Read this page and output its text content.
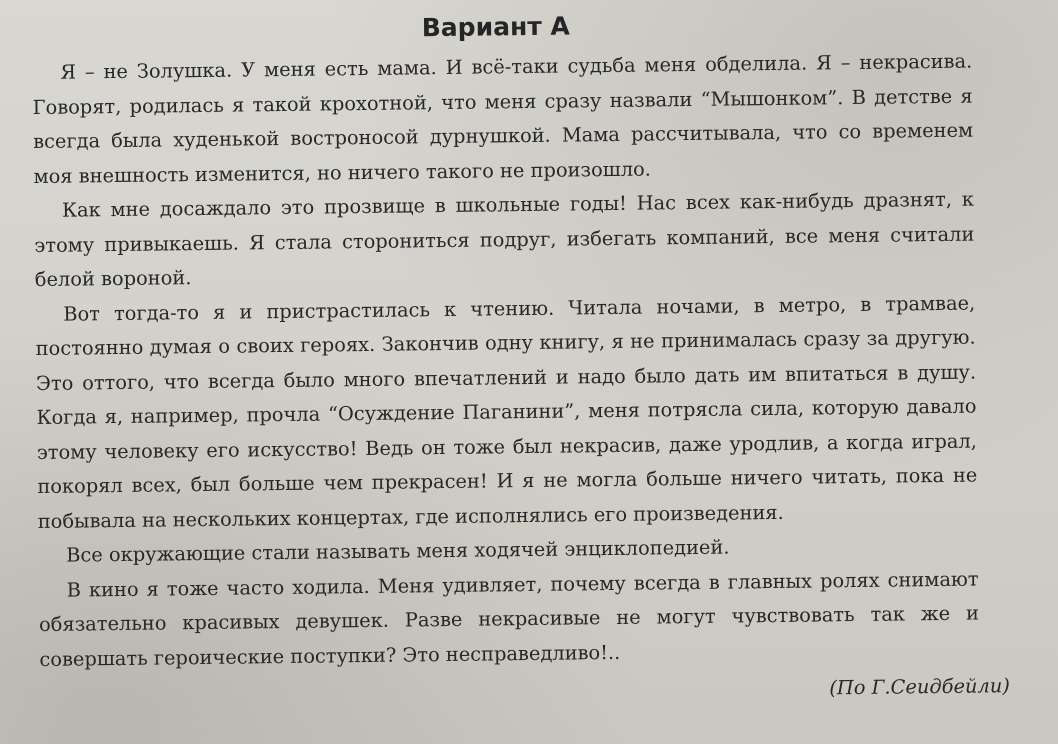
Вариант А

Я – не Золушка. У меня есть мама. И всё-таки судьба меня обделила. Я – некрасива. Говорят, родилась я такой крохотной, что меня сразу назвали “Мышонком”. В детстве я всегда была худенькой востроносой дурнушкой. Мама рассчитывала, что со временем моя внешность изменится, но ничего такого не произошло.

Как мне досаждало это прозвище в школьные годы! Нас всех как-нибудь дразнят, к этому привыкаешь. Я стала сторониться подруг, избегать компаний, все меня считали белой вороной.

Вот тогда-то я и пристрастилась к чтению. Читала ночами, в метро, в трамвае, постоянно думая о своих героях. Закончив одну книгу, я не принималась сразу за другую. Это оттого, что всегда было много впечатлений и надо было дать им впитаться в душу. Когда я, например, прочла “Осуждение Паганини”, меня потрясла сила, которую давало этому человеку его искусство! Ведь он тоже был некрасив, даже уродлив, а когда играл, покорял всех, был больше чем прекрасен! И я не могла больше ничего читать, пока не побывала на нескольких концертах, где исполнялись его произведения.

Все окружающие стали называть меня ходячей энциклопедией.

В кино я тоже часто ходила. Меня удивляет, почему всегда в главных ролях снимают обязательно красивых девушек. Разве некрасивые не могут чувствовать так же и совершать героические поступки? Это несправедливо!..

(По Г.Сеидбейли)
